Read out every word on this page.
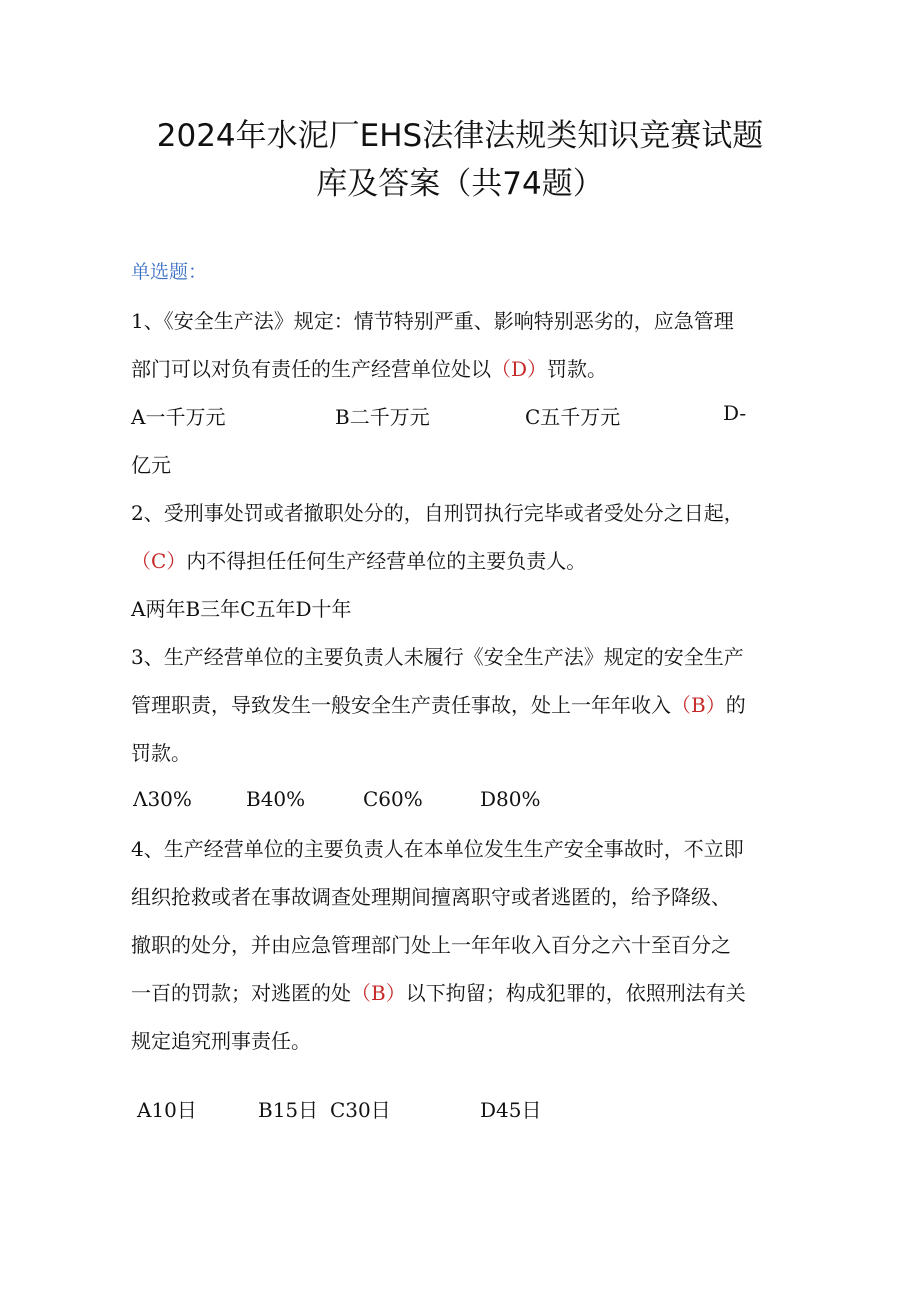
2024年水泥厂EHS法律法规类知识竞赛试题
库及答案（共74题）
单选题：
1、《安全生产法》规定：情节特别严重、影响特别恶劣的，应急管理
部门可以对负有责任的生产经营单位处以（D）罚款。
A一千万元	B二千万元	C五千万元	D-
亿元
2、受刑事处罚或者撤职处分的，自刑罚执行完毕或者受处分之日起，
（C）内不得担任任何生产经营单位的主要负责人。
A两年B三年C五年D十年
3、生产经营单位的主要负责人未履行《安全生产法》规定的安全生产
管理职责，导致发生一般安全生产责任事故，处上一年年收入（B）的
罚款。
Λ30%	B40%	C60%	D80%
4、生产经营单位的主要负责人在本单位发生生产安全事故时，不立即
组织抢救或者在事故调查处理期间擅离职守或者逃匿的，给予降级、
撤职的处分，并由应急管理部门处上一年年收入百分之六十至百分之
一百的罚款；对逃匿的处（B）以下拘留；构成犯罪的，依照刑法有关
规定追究刑事责任。
A10日	B15日 C30日	D45日
